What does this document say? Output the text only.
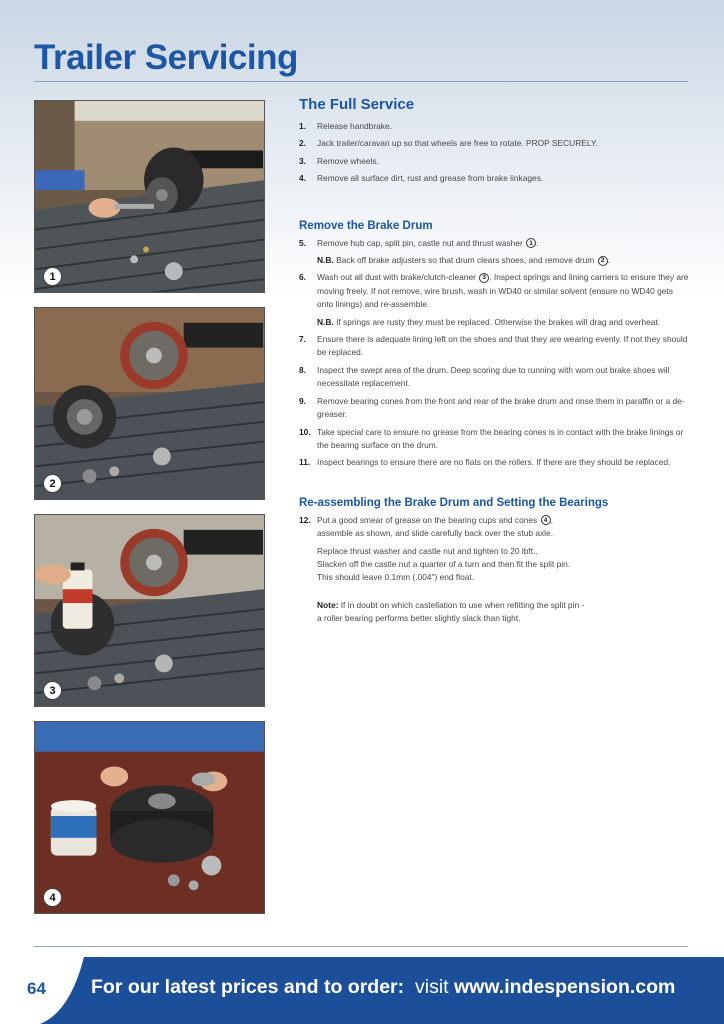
Trailer Servicing
1
2
3
4
The Full Service
1.	Release handbrake.
2.	Jack trailer/caravan up so that wheels are free to rotate. PROP SECURELY.
3.	Remove wheels.
4.	Remove all surface dirt, rust and grease from brake linkages.
Remove the Brake Drum
5.	Remove hub cap, split pin, castle nut and thrust washer 1 .
N.B. Back off brake adjusters so that drum clears shoes, and remove drum 2 .
6.	Wash out all dust with brake/clutch-cleaner 3 . Inspect springs and lining carriers to ensure they are moving freely. If not remove, wire brush, wash in WD40 or similar solvent (ensure no WD40 gets onto linings) and re-assemble.
N.B. If springs are rusty they must be replaced. Otherwise the brakes will drag and overheat.
7.	Ensure there is adequate lining left on the shoes and that they are wearing evenly. If not they should be replaced.
8.	Inspect the swept area of the drum. Deep scoring due to running with worn out brake shoes will necessitate replacement.
9.	Remove bearing cones from the front and rear of the brake drum and rinse them in paraffin or a de-greaser.
10. Take special care to ensure no grease from the bearing cones is in contact with the brake linings or the bearing surface on the drum.
11. Inspect bearings to ensure there are no flats on the rollers. If there are they should be replaced.
Re-assembling the Brake Drum and Setting the Bearings
12. Put a good smear of grease on the bearing cups and cones 4 ,
assemble as shown, and slide carefully back over the stub axle.
Replace thrust washer and castle nut and tighten to 20 lbft..
Slacken off the castle nut a quarter of a turn and then fit the split pin.
This should leave 0.1mm (.004") end float.
Note: If in doubt on which castellation to use when refitting the split pin -
a roller bearing performs better slightly slack than tight.
64 For our latest prices and to order: visit www.indespension.com
